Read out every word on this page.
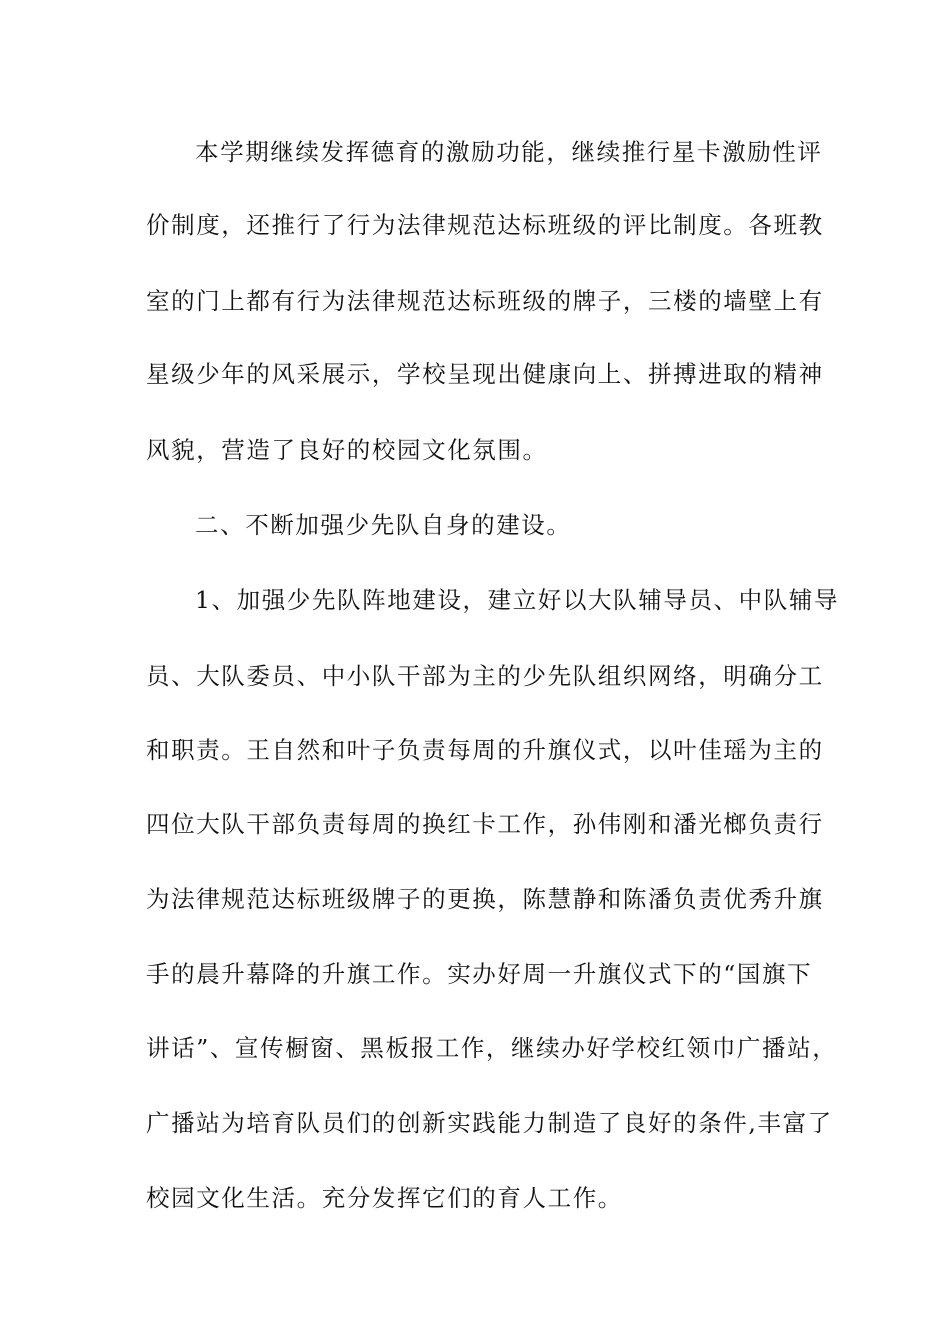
本学期继续发挥德育的激励功能，继续推行星卡激励性评
价制度，还推行了行为法律规范达标班级的评比制度。各班教
室的门上都有行为法律规范达标班级的牌子，三楼的墙壁上有
星级少年的风采展示，学校呈现出健康向上、拼搏进取的精神
风貌，营造了良好的校园文化氛围。
二、不断加强少先队自身的建设。
1、加强少先队阵地建设，建立好以大队辅导员、中队辅导
员、大队委员、中小队干部为主的少先队组织网络，明确分工
和职责。王自然和叶子负责每周的升旗仪式，以叶佳瑶为主的
四位大队干部负责每周的换红卡工作，孙伟刚和潘光榔负责行
为法律规范达标班级牌子的更换，陈慧静和陈潘负责优秀升旗
手的晨升幕降的升旗工作。实办好周一升旗仪式下的“国旗下
讲话”、宣传橱窗、黑板报工作，继续办好学校红领巾广播站，
广播站为培育队员们的创新实践能力制造了良好的条件,丰富了
校园文化生活。充分发挥它们的育人工作。
